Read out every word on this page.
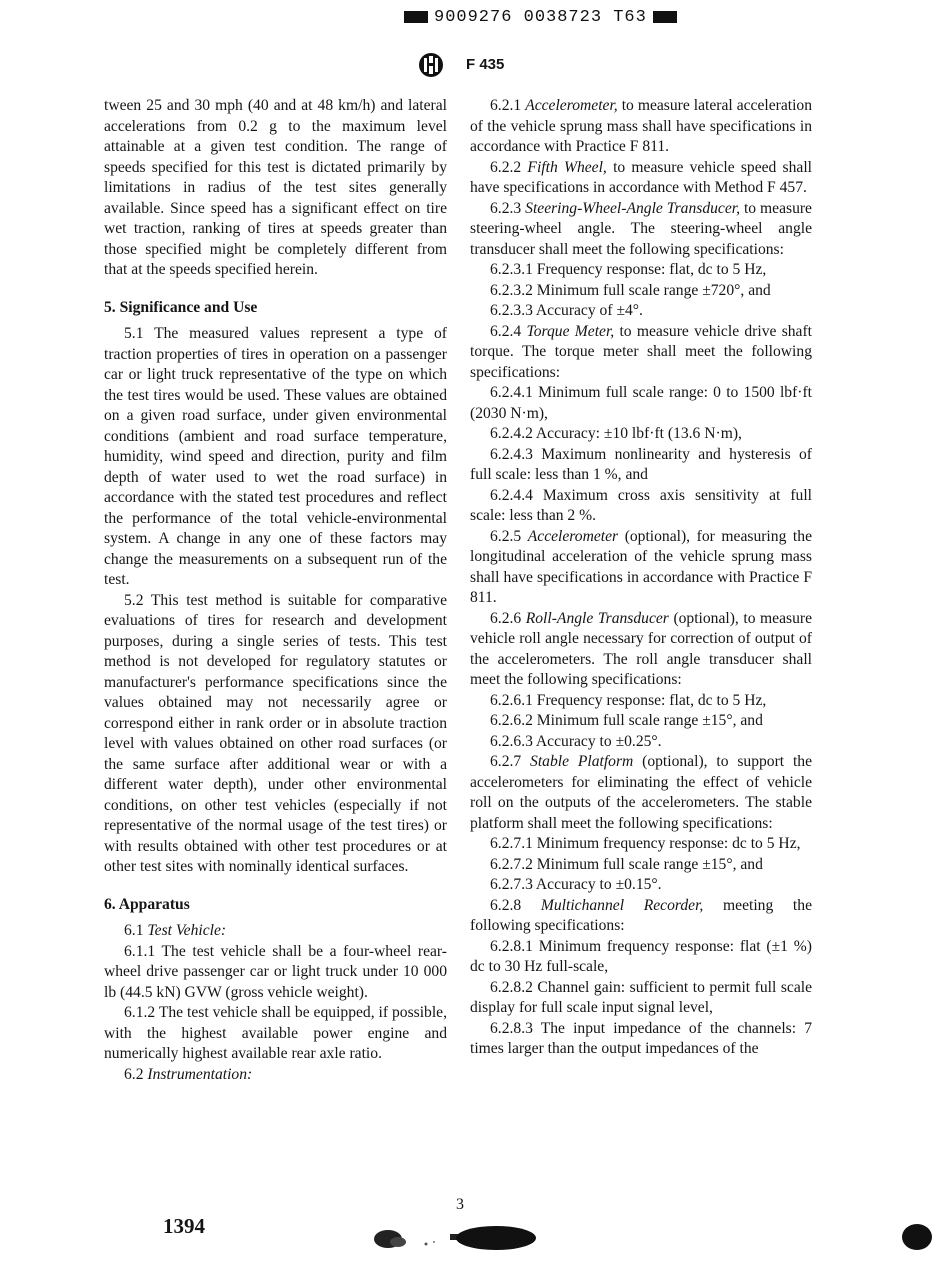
9009276 0038723 T63
F 435

tween 25 and 30 mph (40 and at 48 km/h) and lateral accelerations from 0.2 g to the maximum level attainable at a given test condition. The range of speeds specified for this test is dictated primarily by limitations in radius of the test sites generally available. Since speed has a significant effect on tire wet traction, ranking of tires at speeds greater than those specified might be completely different from that at the speeds specified herein.

5. Significance and Use

5.1 The measured values represent a type of traction properties of tires in operation on a passenger car or light truck representative of the type on which the test tires would be used. These values are obtained on a given road surface, under given environmental conditions (ambient and road surface temperature, humidity, wind speed and direction, purity and film depth of water used to wet the road surface) in accordance with the stated test procedures and reflect the performance of the total vehicle-environmental system. A change in any one of these factors may change the measurements on a subsequent run of the test.

5.2 This test method is suitable for comparative evaluations of tires for research and development purposes, during a single series of tests. This test method is not developed for regulatory statutes or manufacturer's performance specifications since the values obtained may not necessarily agree or correspond either in rank order or in absolute traction level with values obtained on other road surfaces (or the same surface after additional wear or with a different water depth), under other environmental conditions, on other test vehicles (especially if not representative of the normal usage of the test tires) or with results obtained with other test procedures or at other test sites with nominally identical surfaces.

6. Apparatus

6.1 Test Vehicle:

6.1.1 The test vehicle shall be a four-wheel rear-wheel drive passenger car or light truck under 10 000 lb (44.5 kN) GVW (gross vehicle weight).

6.1.2 The test vehicle shall be equipped, if possible, with the highest available power engine and numerically highest available rear axle ratio.

6.2 Instrumentation:

6.2.1 Accelerometer, to measure lateral acceleration of the vehicle sprung mass shall have specifications in accordance with Practice F 811.

6.2.2 Fifth Wheel, to measure vehicle speed shall have specifications in accordance with Method F 457.

6.2.3 Steering-Wheel-Angle Transducer, to measure steering-wheel angle. The steering-wheel angle transducer shall meet the following specifications:

6.2.3.1 Frequency response: flat, dc to 5 Hz,

6.2.3.2 Minimum full scale range ±720°, and

6.2.3.3 Accuracy of ±4°.

6.2.4 Torque Meter, to measure vehicle drive shaft torque. The torque meter shall meet the following specifications:

6.2.4.1 Minimum full scale range: 0 to 1500 lbf·ft (2030 N·m),

6.2.4.2 Accuracy: ±10 lbf·ft (13.6 N·m),

6.2.4.3 Maximum nonlinearity and hysteresis of full scale: less than 1 %, and

6.2.4.4 Maximum cross axis sensitivity at full scale: less than 2 %.

6.2.5 Accelerometer (optional), for measuring the longitudinal acceleration of the vehicle sprung mass shall have specifications in accordance with Practice F 811.

6.2.6 Roll-Angle Transducer (optional), to measure vehicle roll angle necessary for correction of output of the accelerometers. The roll angle transducer shall meet the following specifications:

6.2.6.1 Frequency response: flat, dc to 5 Hz,

6.2.6.2 Minimum full scale range ±15°, and

6.2.6.3 Accuracy to ±0.25°.

6.2.7 Stable Platform (optional), to support the accelerometers for eliminating the effect of vehicle roll on the outputs of the accelerometers. The stable platform shall meet the following specifications:

6.2.7.1 Minimum frequency response: dc to 5 Hz,

6.2.7.2 Minimum full scale range ±15°, and

6.2.7.3 Accuracy to ±0.15°.

6.2.8 Multichannel Recorder, meeting the following specifications:

6.2.8.1 Minimum frequency response: flat (±1 %) dc to 30 Hz full-scale,

6.2.8.2 Channel gain: sufficient to permit full scale display for full scale input signal level,

6.2.8.3 The input impedance of the channels: 7 times larger than the output impedances of the

3
1394
